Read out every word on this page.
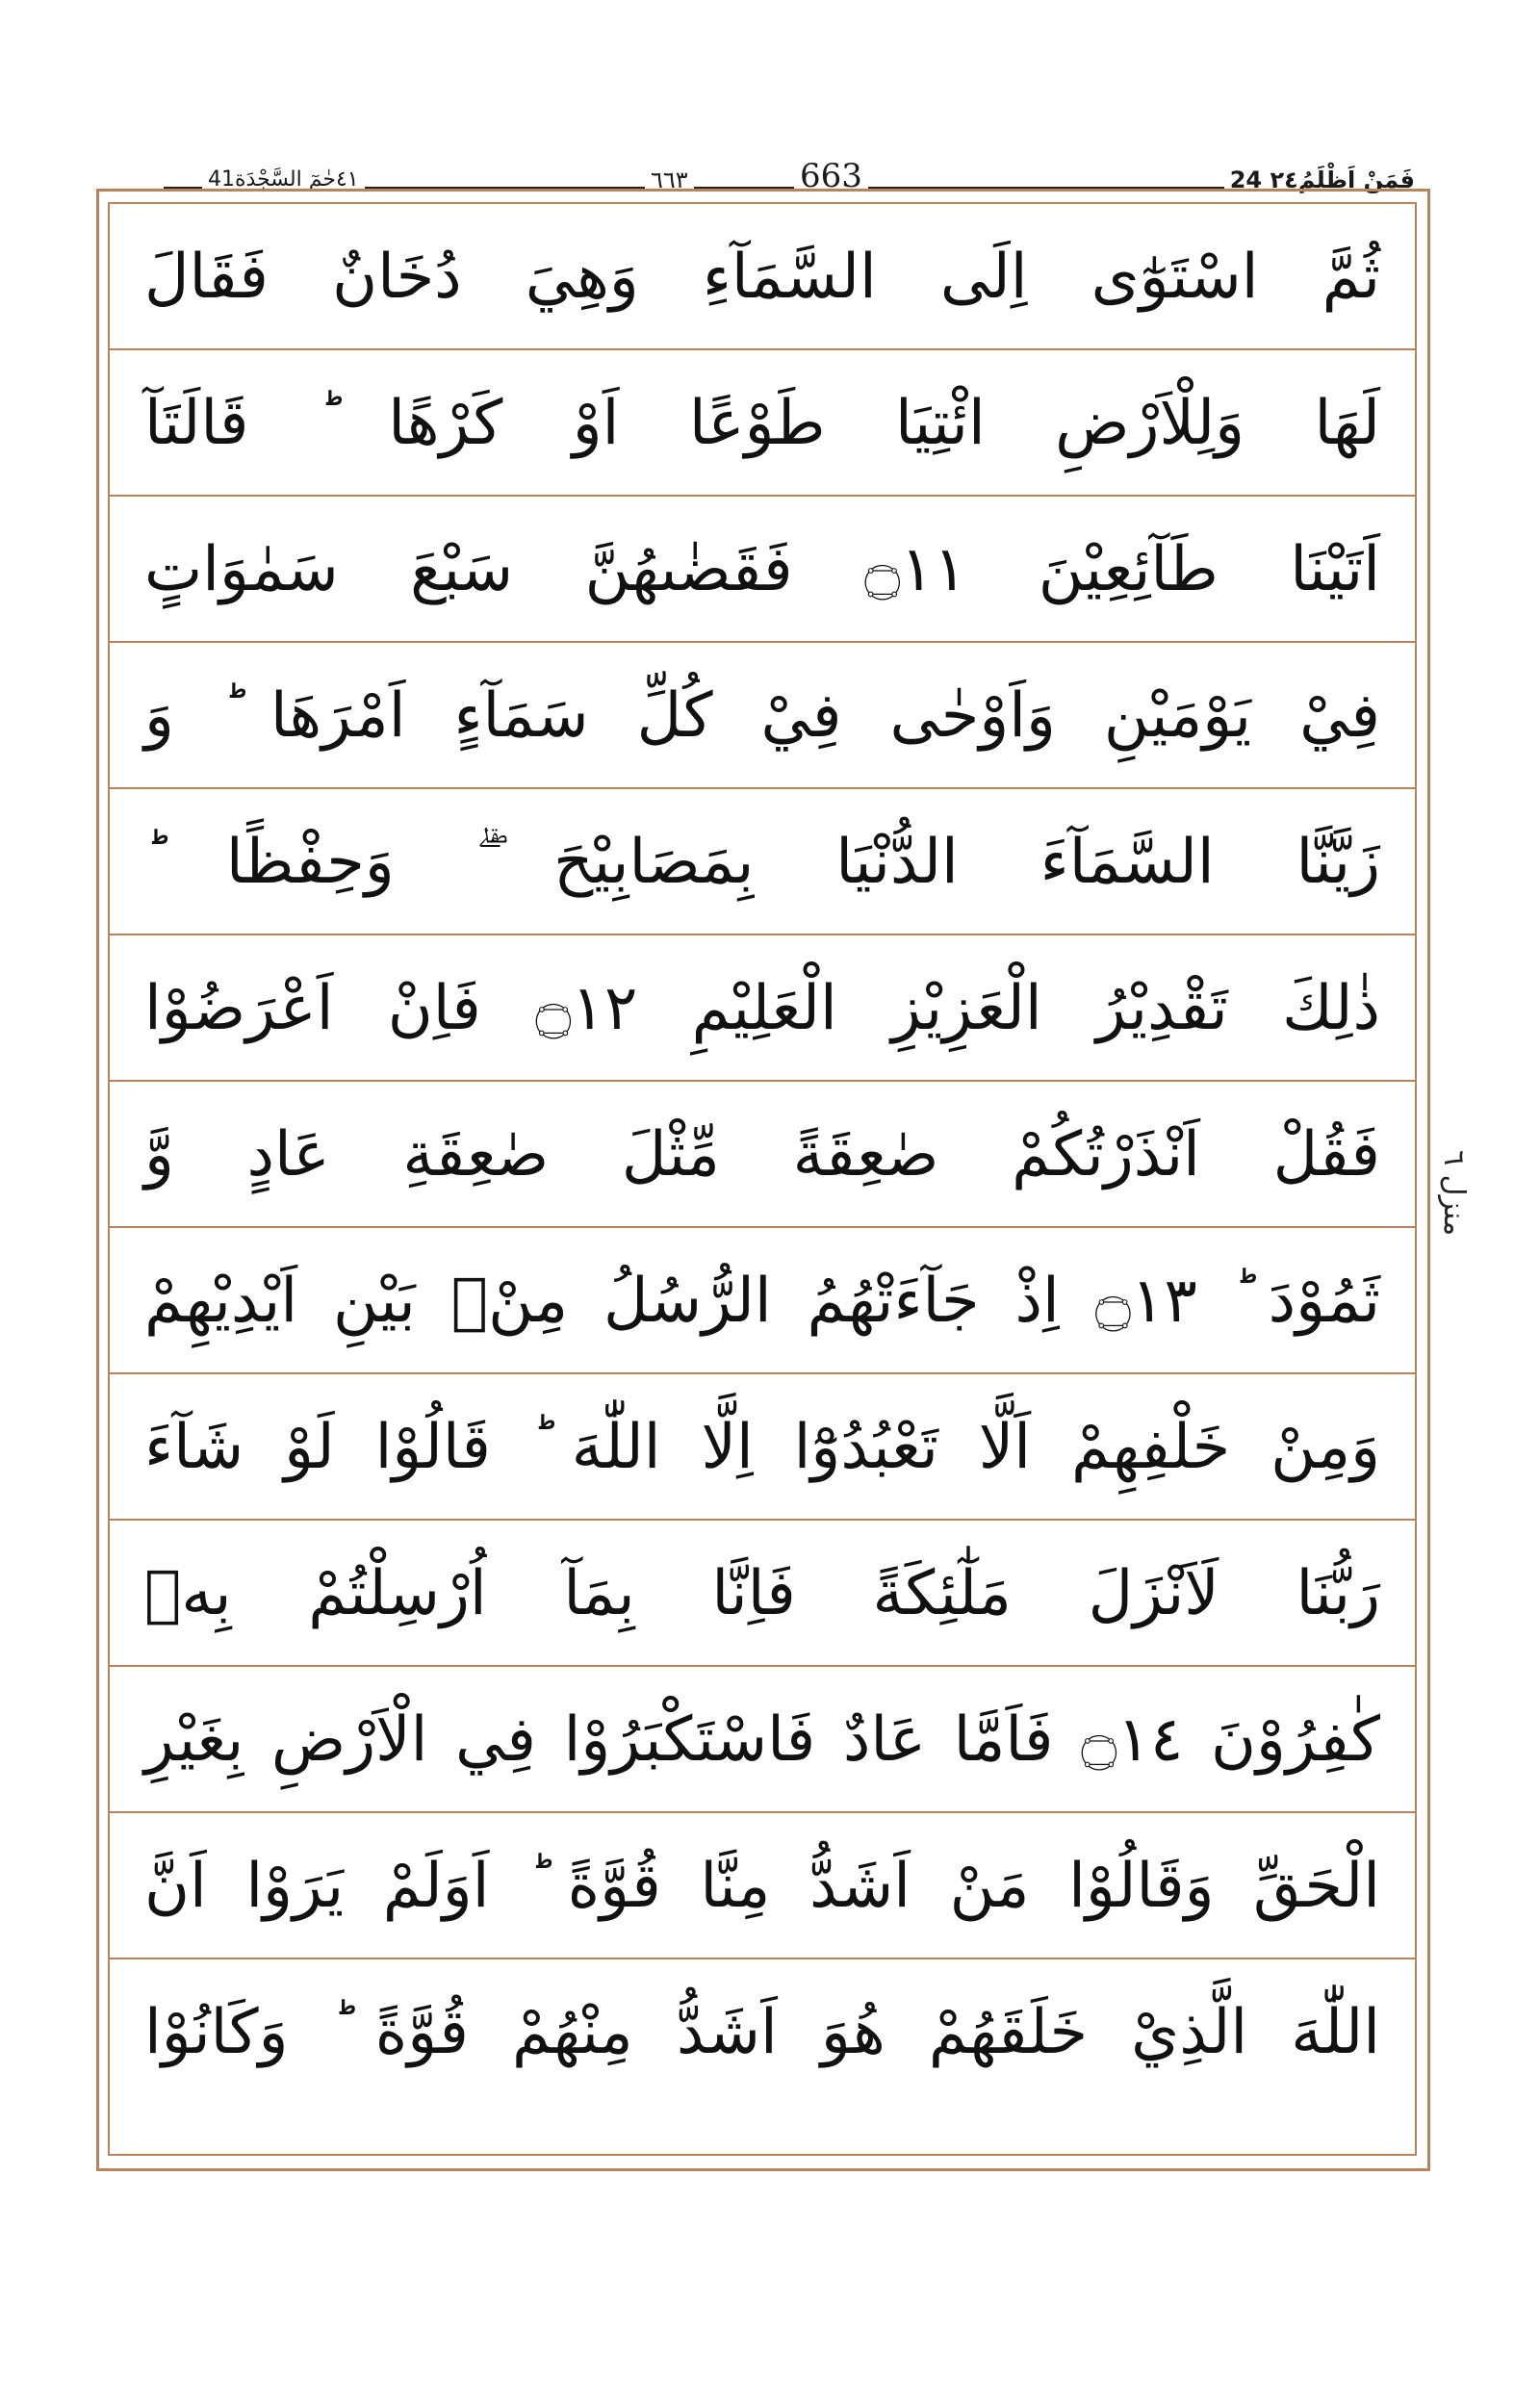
٤١حٰمٓ السَّجْدَة41	٦٦٣	663	24 فَمَنْ اَظْلَمُ٢٤
ثُمَّ اسْتَوٰٓى اِلَى السَّمَآءِ وَهِيَ دُخَانٌ فَقَالَ
لَهَا وَلِلْاَرْضِ ائْتِيَا طَوْعًا اَوْ كَرْهًا ؕ قَالَتَآ
اَتَيْنَا طَآئِعِيْنَ ۝١١ فَقَضٰىهُنَّ سَبْعَ سَمٰوَاتٍ
فِيْ يَوْمَيْنِ وَاَوْحٰى فِيْ كُلِّ سَمَآءٍ اَمْرَهَا ؕ وَ
زَيَّنَّا السَّمَآءَ الدُّنْيَا بِمَصَابِيْحَ ۖۗ وَحِفْظًا ؕ
ذٰلِكَ تَقْدِيْرُ الْعَزِيْزِ الْعَلِيْمِ ۝١٢ فَاِنْ اَعْرَضُوْا
فَقُلْ اَنْذَرْتُكُمْ صٰعِقَةً مِّثْلَ صٰعِقَةِ عَادٍ وَّ
ثَمُوْدَ ؕ ۝١٣ اِذْ جَآءَتْهُمُ الرُّسُلُ مِنْۢ بَيْنِ اَيْدِيْهِمْ
وَمِنْ خَلْفِهِمْ اَلَّا تَعْبُدُوْٓا اِلَّا اللّٰهَ ؕ قَالُوْا لَوْ شَآءَ
رَبُّنَا لَاَنْزَلَ مَلٰٓئِكَةً فَاِنَّا بِمَآ اُرْسِلْتُمْ بِهٖ
كٰفِرُوْنَ ۝١٤ فَاَمَّا عَادٌ فَاسْتَكْبَرُوْا فِي الْاَرْضِ بِغَيْرِ
الْحَقِّ وَقَالُوْا مَنْ اَشَدُّ مِنَّا قُوَّةً ؕ اَوَلَمْ يَرَوْا اَنَّ
اللّٰهَ الَّذِيْ خَلَقَهُمْ هُوَ اَشَدُّ مِنْهُمْ قُوَّةً ؕ وَكَانُوْا
منزل ٦
